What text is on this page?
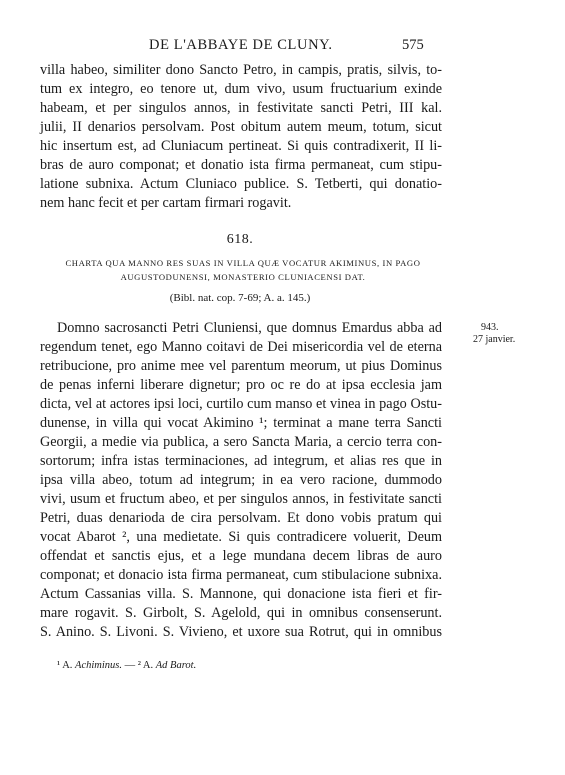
DE L'ABBAYE DE CLUNY.	575
villa habeo, similiter dono Sancto Petro, in campis, pratis, silvis, to-
tum ex integro, eo tenore ut, dum vivo, usum fructuarium exinde
habeam, et per singulos annos, in festivitate sancti Petri, III kal.
julii, II denarios persolvam. Post obitum autem meum, totum, sicut
hic insertum est, ad Cluniacum pertineat. Si quis contradixerit, II li-
bras de auro componat; et donatio ista firma permaneat, cum stipu-
latione subnixa. Actum Cluniaco publice. S. Tetberti, qui donatio-
nem hanc fecit et per cartam firmari rogavit.
618.
CHARTA QUA MANNO RES SUAS IN VILLA QUÆ VOCATUR AKIMINUS, IN PAGO
AUGUSTODUNENSI, MONASTERIO CLUNIACENSI DAT.
(Bibl. nat. cop. 7-69; A. a. 145.)
943.
27 janvier.
Domno sacrosancti Petri Cluniensi, que domnus Emardus abba ad
regendum tenet, ego Manno coitavi de Dei misericordia vel de eterna
retribucione, pro anime mee vel parentum meorum, ut pius Dominus
de penas inferni liberare dignetur; pro oc re do at ipsa ecclesia jam
dicta, vel at actores ipsi loci, curtilo cum manso et vinea in pago Ostu-
dunense, in villa qui vocat Akimino ¹; terminat a mane terra Sancti
Georgii, a medie via publica, a sero Sancta Maria, a cercio terra con-
sortorum; infra istas terminaciones, ad integrum, et alias res que in
ipsa villa abeo, totum ad integrum; in ea vero racione, dummodo
vivi, usum et fructum abeo, et per singulos annos, in festivitate sancti
Petri, duas denarioda de cira persolvam. Et dono vobis pratum qui
vocat Abarot ², una medietate. Si quis contradicere voluerit, Deum
offendat et sanctis ejus, et a lege mundana decem libras de auro
componat; et donacio ista firma permaneat, cum stibulacione subnixa.
Actum Cassanias villa. S. Mannone, qui donacione ista fieri et fir-
mare rogavit. S. Girbolt, S. Agelold, qui in omnibus consenserunt.
S. Anino. S. Livoni. S. Vivieno, et uxore sua Rotrut, qui in omnibus
¹ A. Achiminus. — ² A. Ad Barot.
